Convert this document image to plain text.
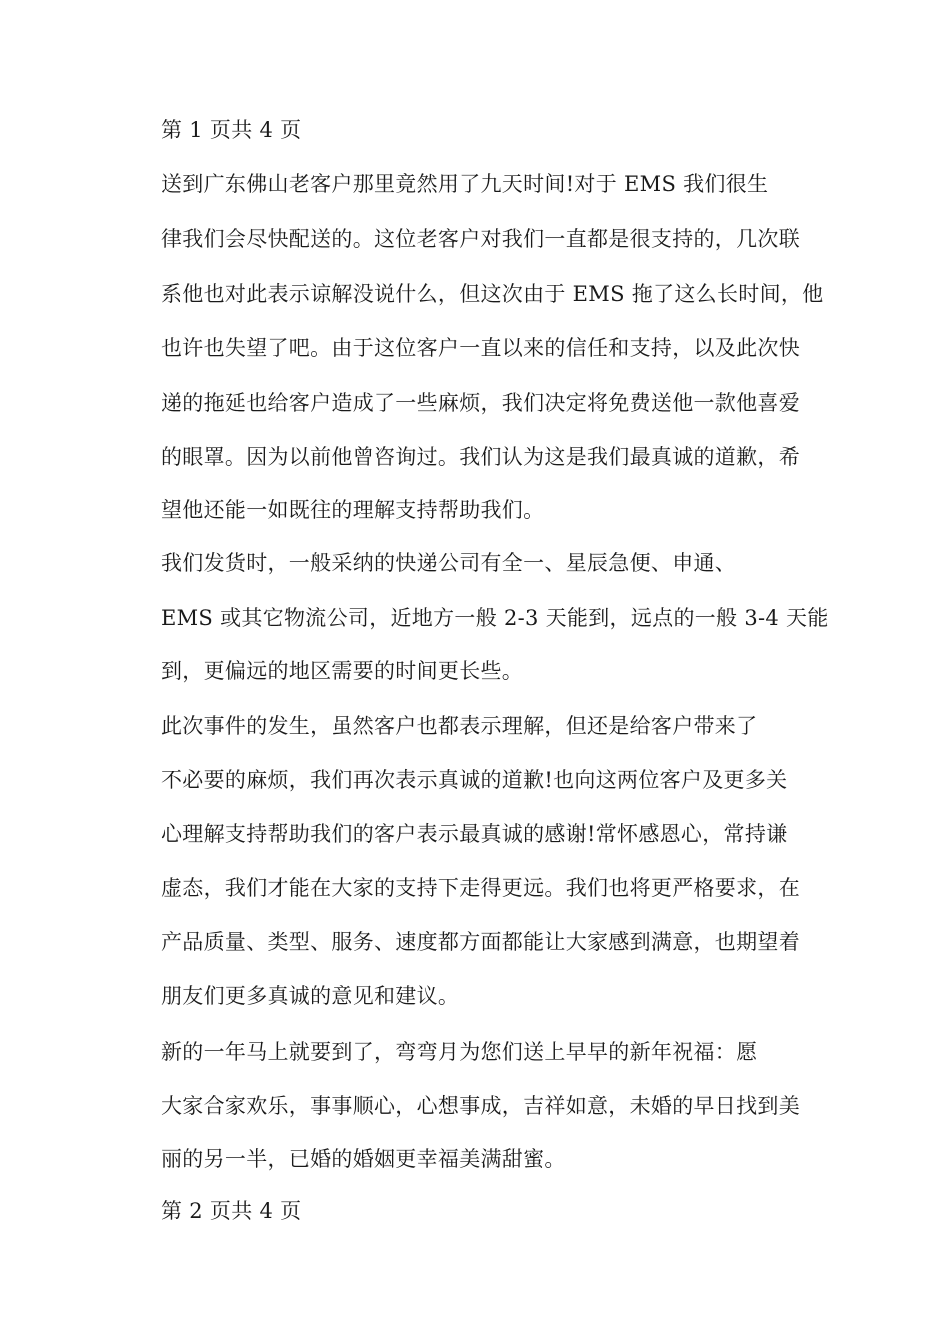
第 1 页共 4 页
送到广东佛山老客户那里竟然用了九天时间!对于 EMS 我们很生
律我们会尽快配送的。这位老客户对我们一直都是很支持的，几次联
系他也对此表示谅解没说什么，但这次由于 EMS 拖了这么长时间，他
也许也失望了吧。由于这位客户一直以来的信任和支持，以及此次快
递的拖延也给客户造成了一些麻烦，我们决定将免费送他一款他喜爱
的眼罩。因为以前他曾咨询过。我们认为这是我们最真诚的道歉，希
望他还能一如既往的理解支持帮助我们。
我们发货时，一般采纳的快递公司有全一、星辰急便、申通、
EMS 或其它物流公司，近地方一般 2-3 天能到，远点的一般 3-4 天能
到，更偏远的地区需要的时间更长些。
此次事件的发生，虽然客户也都表示理解，但还是给客户带来了
不必要的麻烦，我们再次表示真诚的道歉!也向这两位客户及更多关
心理解支持帮助我们的客户表示最真诚的感谢!常怀感恩心，常持谦
虚态，我们才能在大家的支持下走得更远。我们也将更严格要求，在
产品质量、类型、服务、速度都方面都能让大家感到满意，也期望着
朋友们更多真诚的意见和建议。
新的一年马上就要到了，弯弯月为您们送上早早的新年祝福：愿
大家合家欢乐，事事顺心，心想事成，吉祥如意，未婚的早日找到美
丽的另一半，已婚的婚姻更幸福美满甜蜜。
第 2 页共 4 页
